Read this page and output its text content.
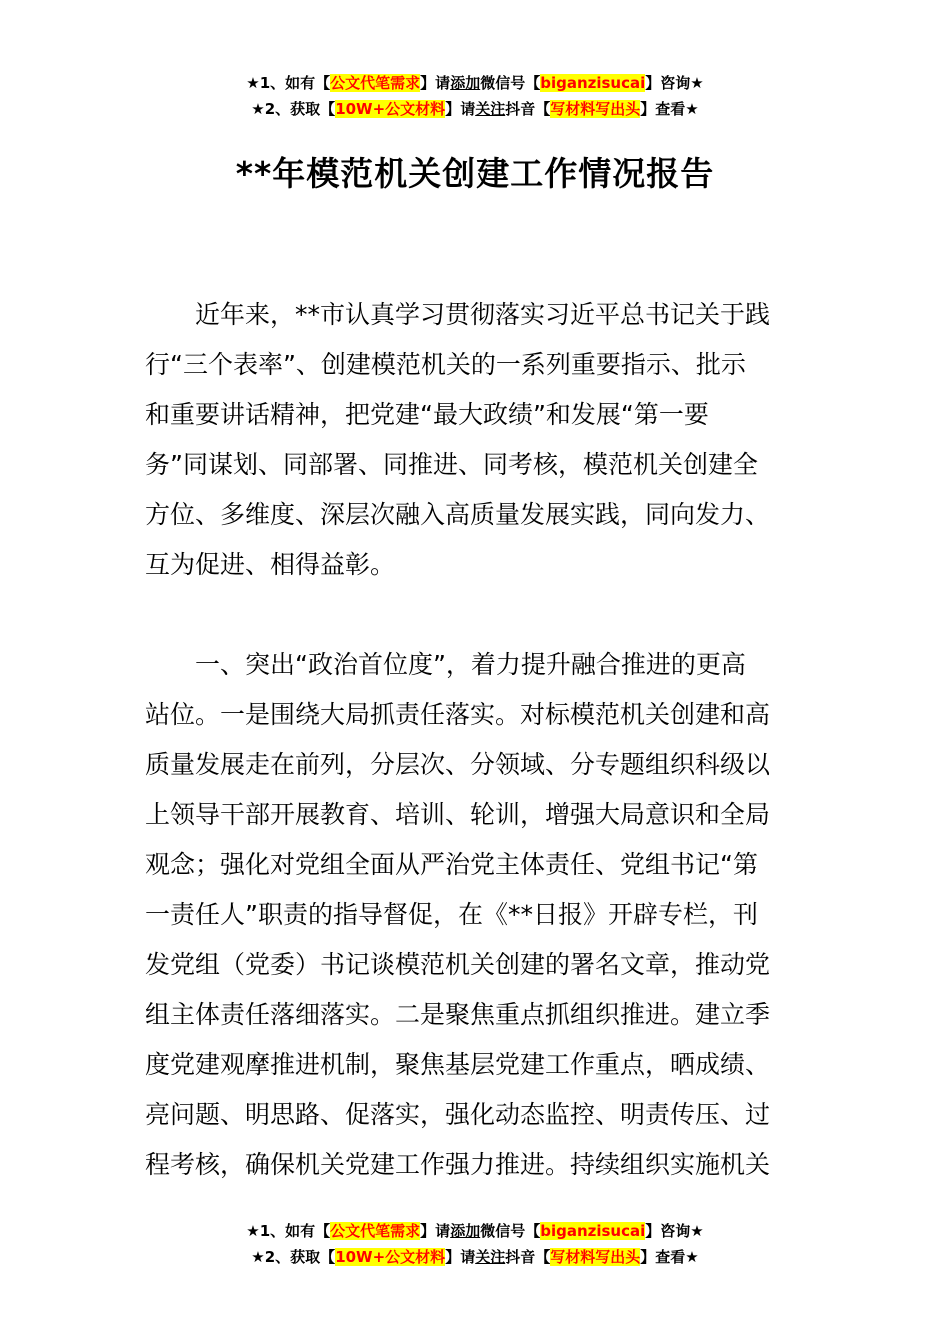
★1、如有【公文代笔需求】请添加微信号【biganzisucai】咨询★
★2、获取【10W+公文材料】请关注抖音【写材料写出头】查看★
**年模范机关创建工作情况报告

　　近年来，**市认真学习贯彻落实习近平总书记关于践

行“三个表率”、创建模范机关的一系列重要指示、批示

和重要讲话精神，把党建“最大政绩”和发展“第一要

务”同谋划、同部署、同推进、同考核，模范机关创建全

方位、多维度、深层次融入高质量发展实践，同向发力、

互为促进、相得益彰。

　　一、突出“政治首位度”，着力提升融合推进的更高

站位。一是围绕大局抓责任落实。对标模范机关创建和高

质量发展走在前列，分层次、分领域、分专题组织科级以

上领导干部开展教育、培训、轮训，增强大局意识和全局

观念；强化对党组全面从严治党主体责任、党组书记“第

一责任人”职责的指导督促，在《**日报》开辟专栏，刊

发党组（党委）书记谈模范机关创建的署名文章，推动党

组主体责任落细落实。二是聚焦重点抓组织推进。建立季

度党建观摩推进机制，聚焦基层党建工作重点，晒成绩、

亮问题、明思路、促落实，强化动态监控、明责传压、过

程考核，确保机关党建工作强力推进。持续组织实施机关

★1、如有【公文代笔需求】请添加微信号【biganzisucai】咨询★
★2、获取【10W+公文材料】请关注抖音【写材料写出头】查看★
